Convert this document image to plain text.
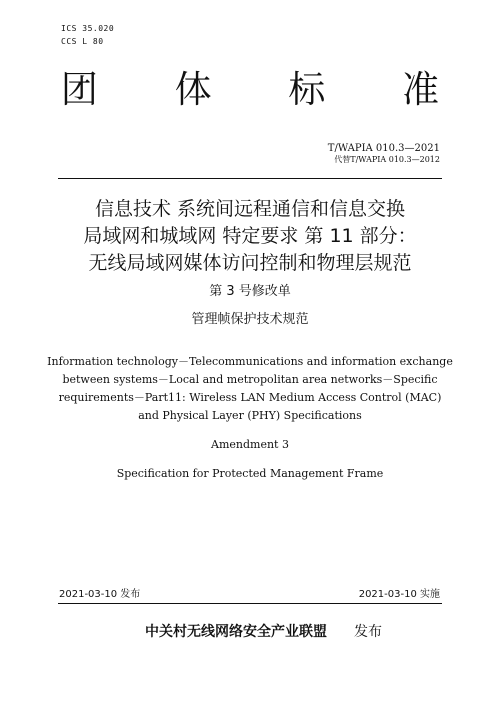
ICS 35.020
CCS L 80
团 体 标 准
T/WAPIA 010.3—2021
代替T/WAPIA 010.3—2012
信息技术 系统间远程通信和信息交换
局域网和城域网 特定要求 第 11 部分：
无线局域网媒体访问控制和物理层规范
第 3 号修改单
管理帧保护技术规范
Information technology－Telecommunications and information exchange
between systems－Local and metropolitan area networks－Specific
requirements－Part11: Wireless LAN Medium Access Control (MAC)
and Physical Layer (PHY) Specifications
Amendment 3
Specification for Protected Management Frame
2021-03-10 发布	2021-03-10 实施
中关村无线网络安全产业联盟 发布
